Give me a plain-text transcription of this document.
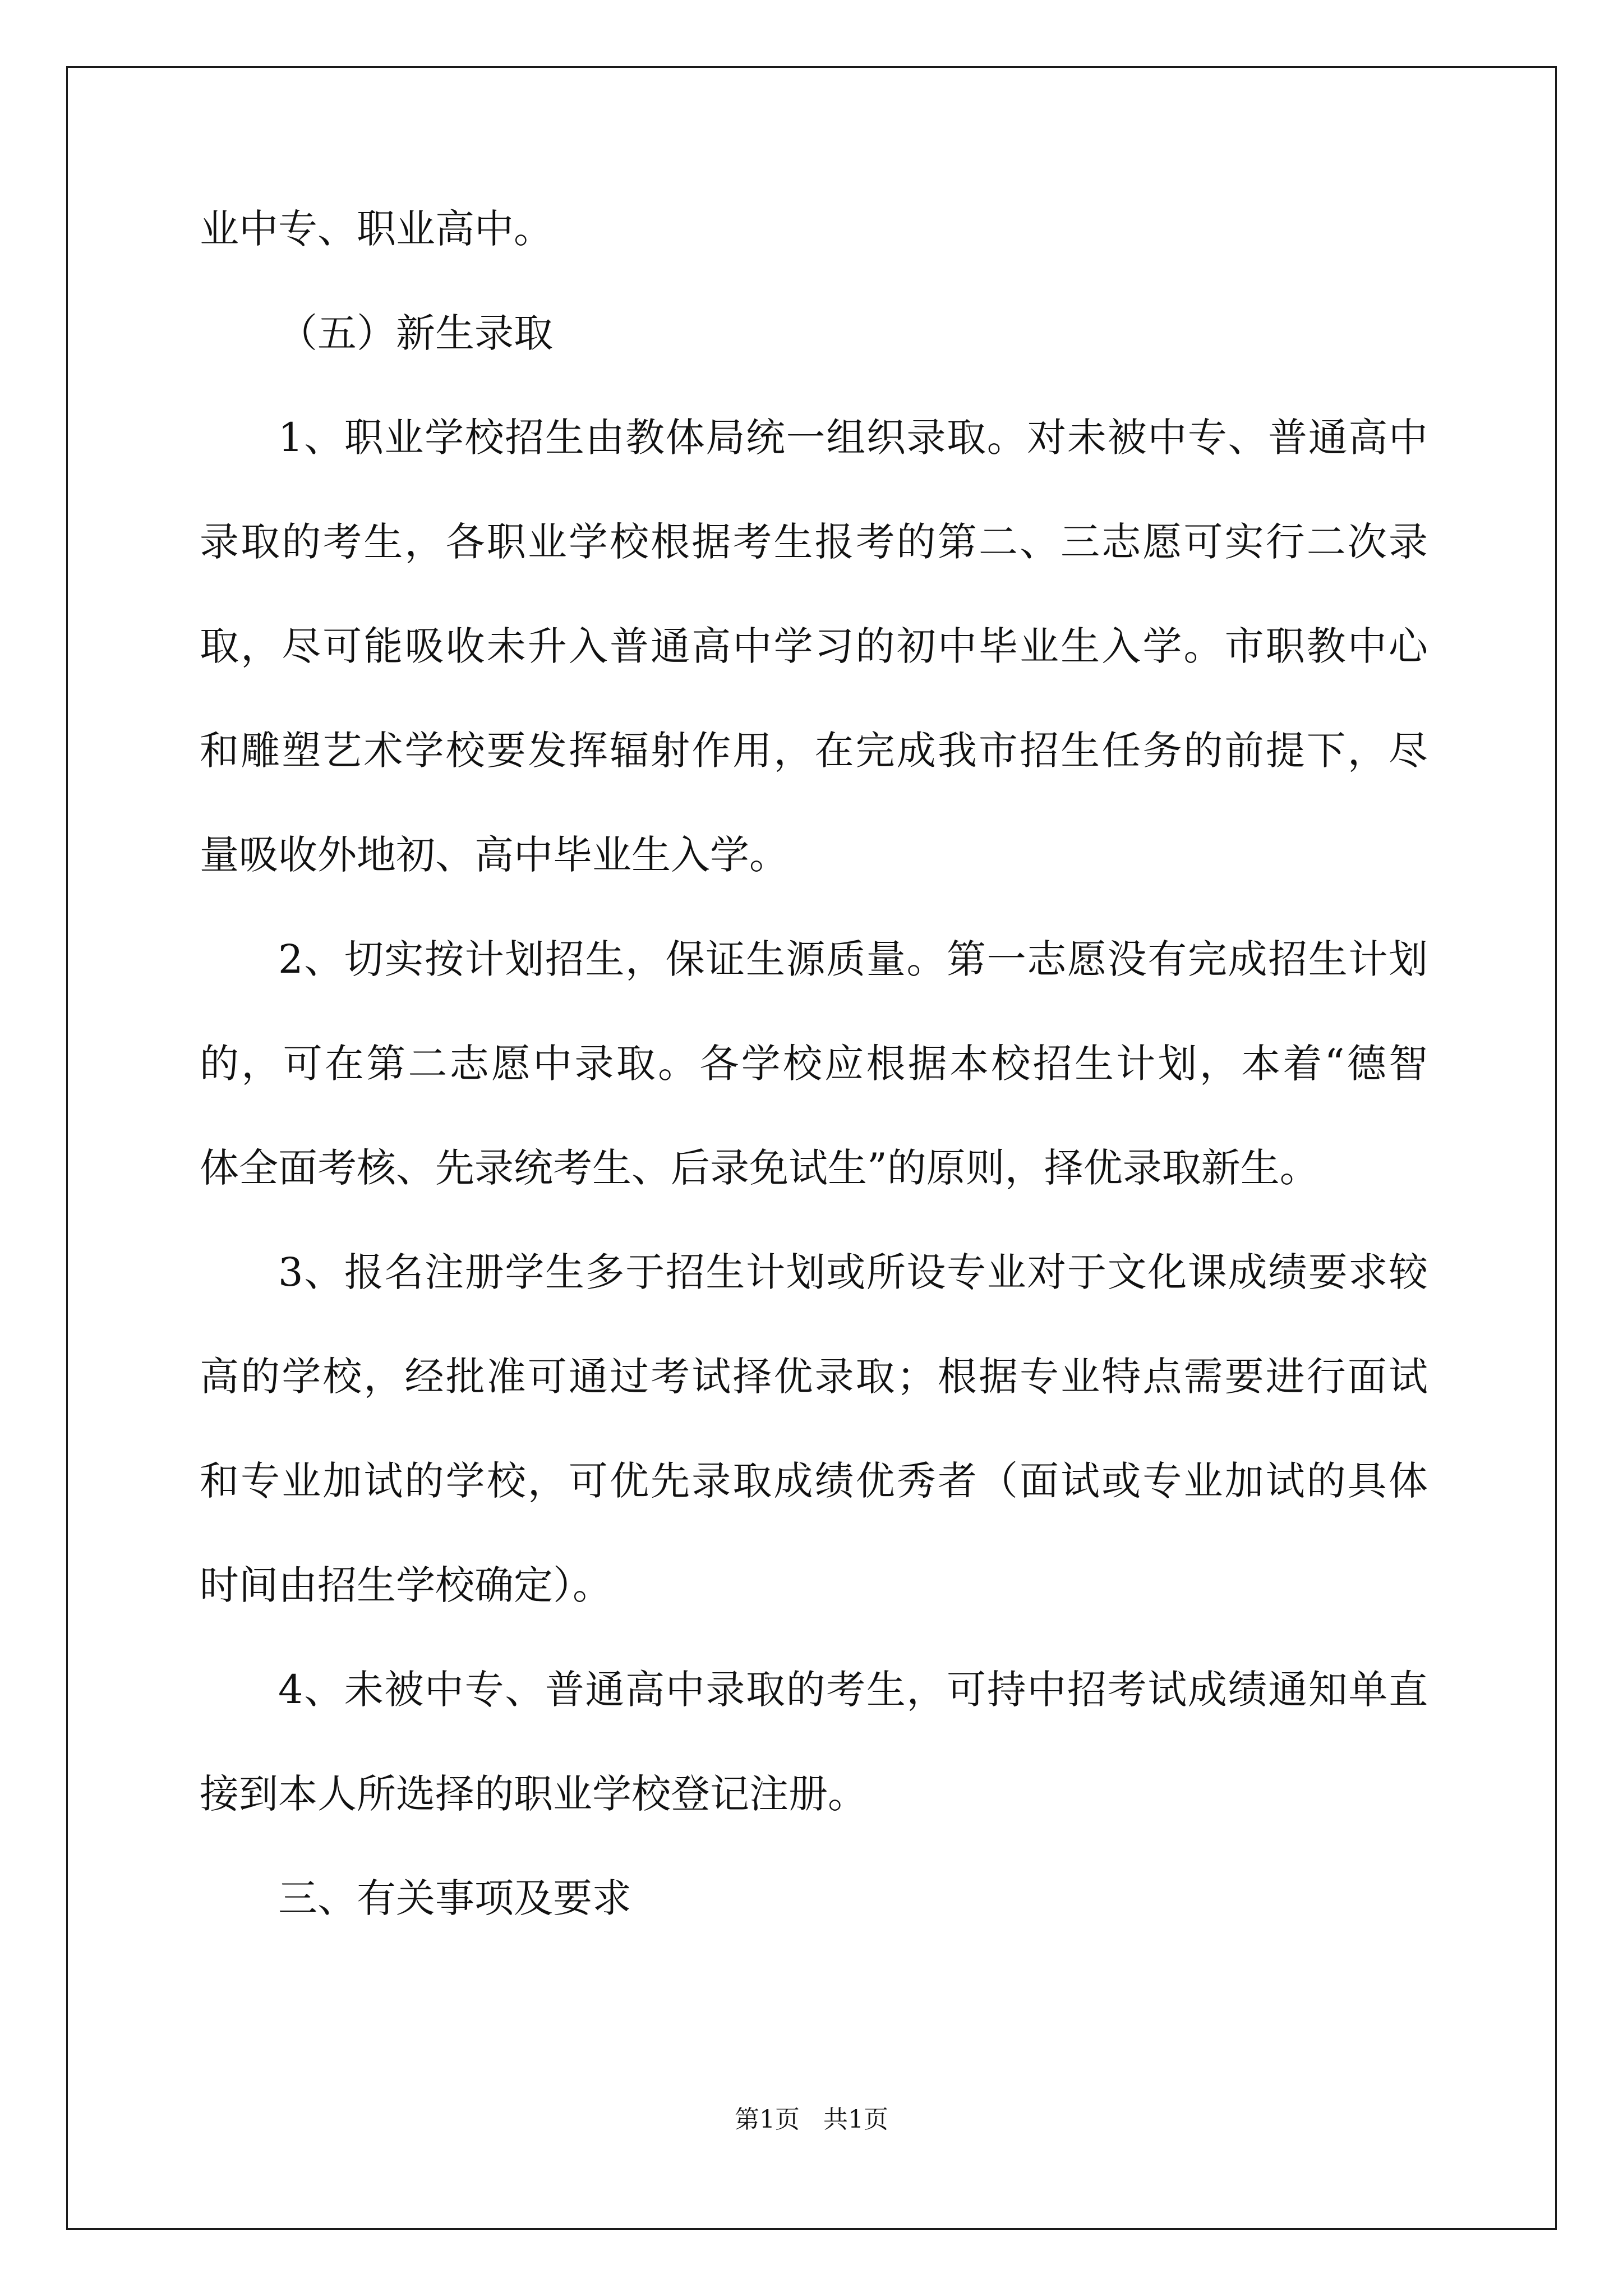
业中专、职业高中。
（五）新生录取
1、职业学校招生由教体局统一组织录取。对未被中专、普通高中
录取的考生，各职业学校根据考生报考的第二、三志愿可实行二次录
取，尽可能吸收未升入普通高中学习的初中毕业生入学。市职教中心
和雕塑艺术学校要发挥辐射作用，在完成我市招生任务的前提下，尽
量吸收外地初、高中毕业生入学。
2、切实按计划招生，保证生源质量。第一志愿没有完成招生计划
的，可在第二志愿中录取。各学校应根据本校招生计划，本着“德智
体全面考核、先录统考生、后录免试生”的原则，择优录取新生。
3、报名注册学生多于招生计划或所设专业对于文化课成绩要求较
高的学校，经批准可通过考试择优录取；根据专业特点需要进行面试
和专业加试的学校，可优先录取成绩优秀者（面试或专业加试的具体
时间由招生学校确定）。
4、未被中专、普通高中录取的考生，可持中招考试成绩通知单直
接到本人所选择的职业学校登记注册。
三、有关事项及要求
第1页 共1页
